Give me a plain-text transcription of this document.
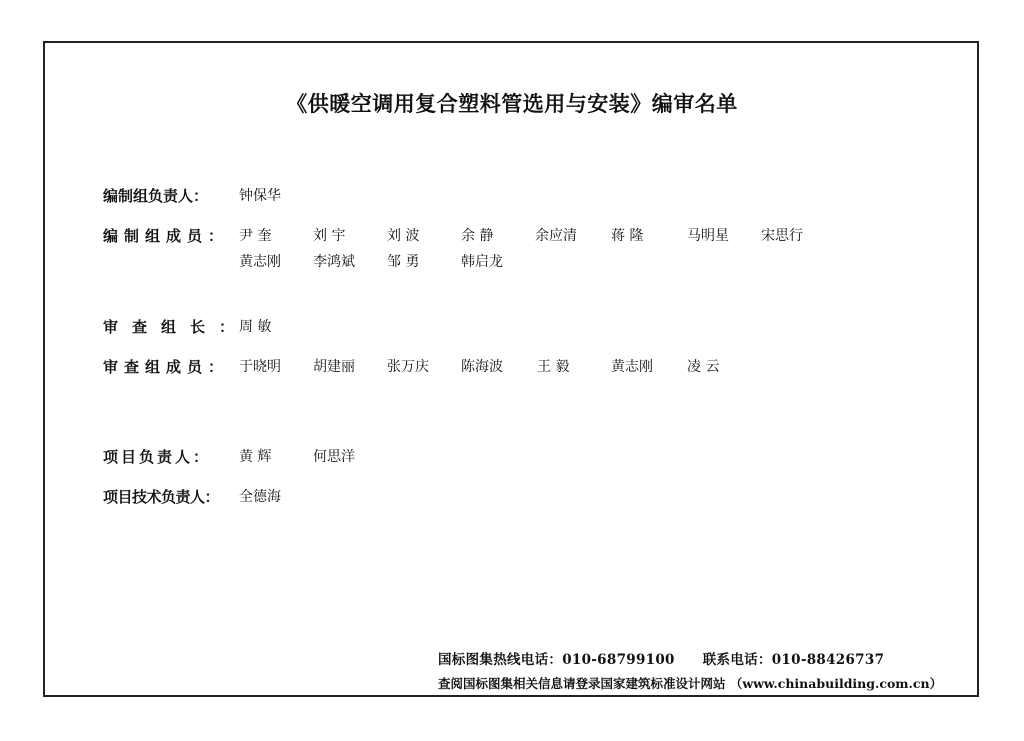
《供暖空调用复合塑料管选用与安装》编审名单
编制组负责人： 钟保华
编制组成员： 尹 奎	刘 宇	刘 波	余 静	余应清 蒋 隆	马明星 宋思行
黄志刚 李鸿斌 邹 勇	韩启龙
审查组长：
周 敏
审查组成员： 于晓明 胡建丽 张万庆 陈海波 王 毅	黄志刚 凌 云
项目负责人： 黄 辉	何思洋
项目技术负责人： 全德海
国标图集热线电话：010-68799100 联系电话：010-88426737
查阅国标图集相关信息请登录国家建筑标准设计网站 （www.chinabuilding.com.cn）
